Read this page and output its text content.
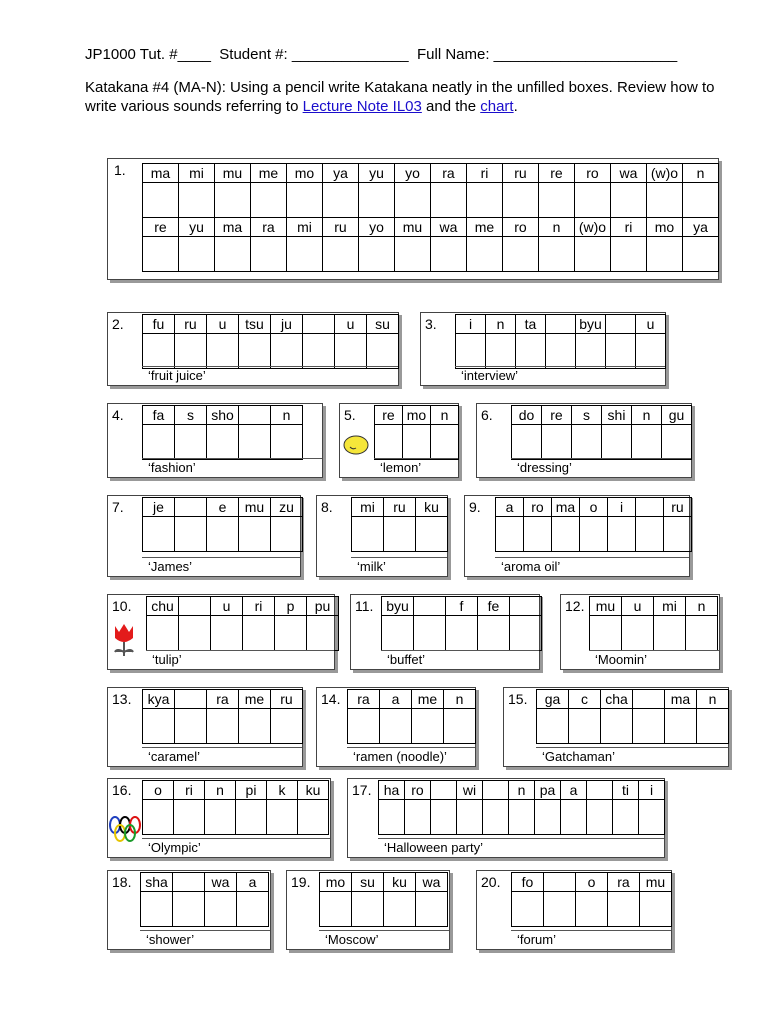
JP1000 Tut. #____ Student #: ______________ Full Name: ______________________
Katakana #4 (MA-N): Using a pencil write Katakana neatly in the unfilled boxes. Review how to write various sounds referring to Lecture Note IL03 and the chart.
1. ma	mi	mu	me	mo	ya	yu	yo	ra	ri	ru	re	ro	wa	(w)o	n

re	yu	ma	ra	mi	ru	yo	mu	wa	me	ro	n	(w)o	ri	mo	ya

2. fu	ru	u	tsu	ju		u	su

‘fruit juice’
3. i	n	ta		byu		u

‘interview’
4. fa	s	sho		n

‘fashion’
5. re	mo	n

‘lemon’
6. do	re	s	shi	n	gu

‘dressing’
7. je		e	mu	zu

‘James’
8. mi	ru	ku

‘milk’
9. a	ro	ma	o	i		ru

‘aroma oil’
10. chu		u	ri	p	pu

‘tulip’
11. byu		f	fe	

‘buffet’
12. mu	u	mi	n

‘Moomin’
13. kya		ra	me	ru

‘caramel’
14. ra	a	me	n

‘ramen (noodle)’
15. ga	c	cha		ma	n

‘Gatchaman’
16. o	ri	n	pi	k	ku

‘Olympic’
17. ha	ro		wi		n	pa	a		ti	i

‘Halloween party’
18. sha		wa	a

‘shower’
19. mo	su	ku	wa

‘Moscow’
20. fo		o	ra	mu

‘forum’
